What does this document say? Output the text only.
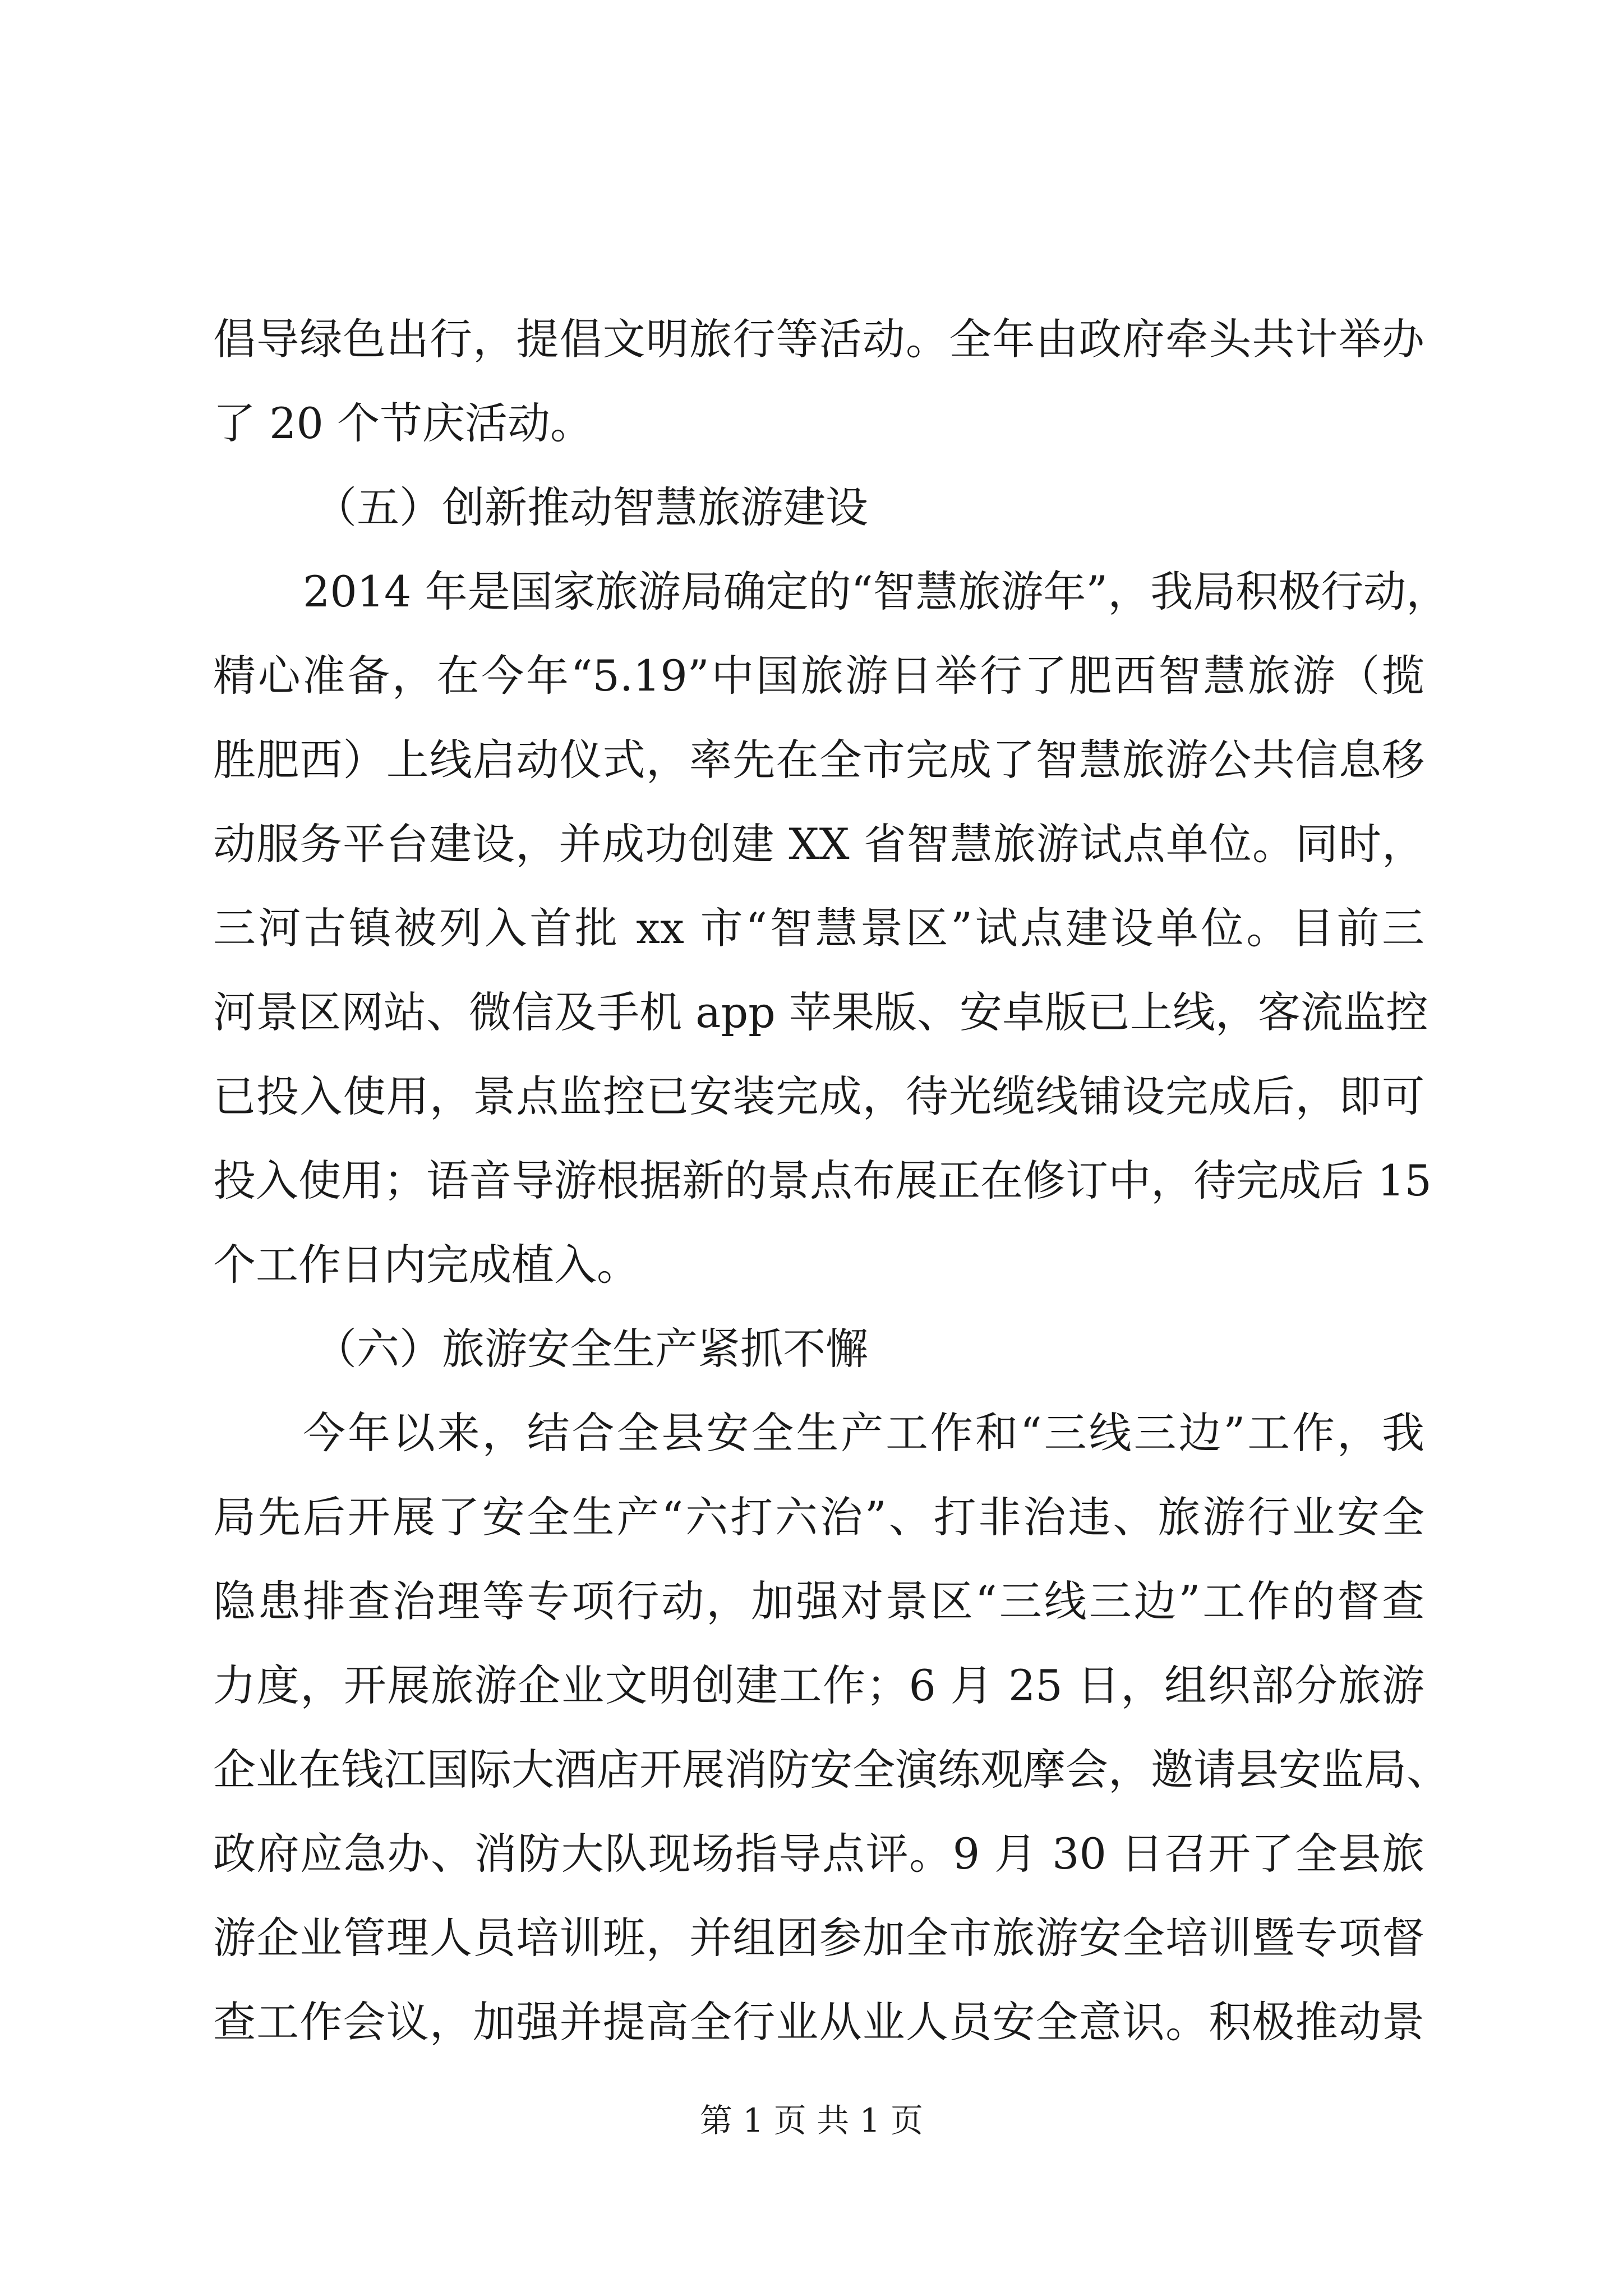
倡导绿色出行，提倡文明旅行等活动。全年由政府牵头共计举办
了 20 个节庆活动。
（五）创新推动智慧旅游建设
2014 年是国家旅游局确定的“智慧旅游年”，我局积极行动，
精心准备，在今年“5.19”中国旅游日举行了肥西智慧旅游（揽
胜肥西）上线启动仪式，率先在全市完成了智慧旅游公共信息移
动服务平台建设，并成功创建 XX 省智慧旅游试点单位。同时，
三河古镇被列入首批 xx 市“智慧景区”试点建设单位。目前三
河景区网站、微信及手机 app 苹果版、安卓版已上线，客流监控
已投入使用，景点监控已安装完成，待光缆线铺设完成后，即可
投入使用；语音导游根据新的景点布展正在修订中，待完成后 15
个工作日内完成植入。
（六）旅游安全生产紧抓不懈
今年以来，结合全县安全生产工作和“三线三边”工作，我
局先后开展了安全生产“六打六治”、打非治违、旅游行业安全
隐患排查治理等专项行动，加强对景区“三线三边”工作的督查
力度，开展旅游企业文明创建工作；6 月 25 日，组织部分旅游
企业在钱江国际大酒店开展消防安全演练观摩会，邀请县安监局、
政府应急办、消防大队现场指导点评。9 月 30 日召开了全县旅
游企业管理人员培训班，并组团参加全市旅游安全培训暨专项督
查工作会议，加强并提高全行业从业人员安全意识。积极推动景
第 1 页 共 1 页
